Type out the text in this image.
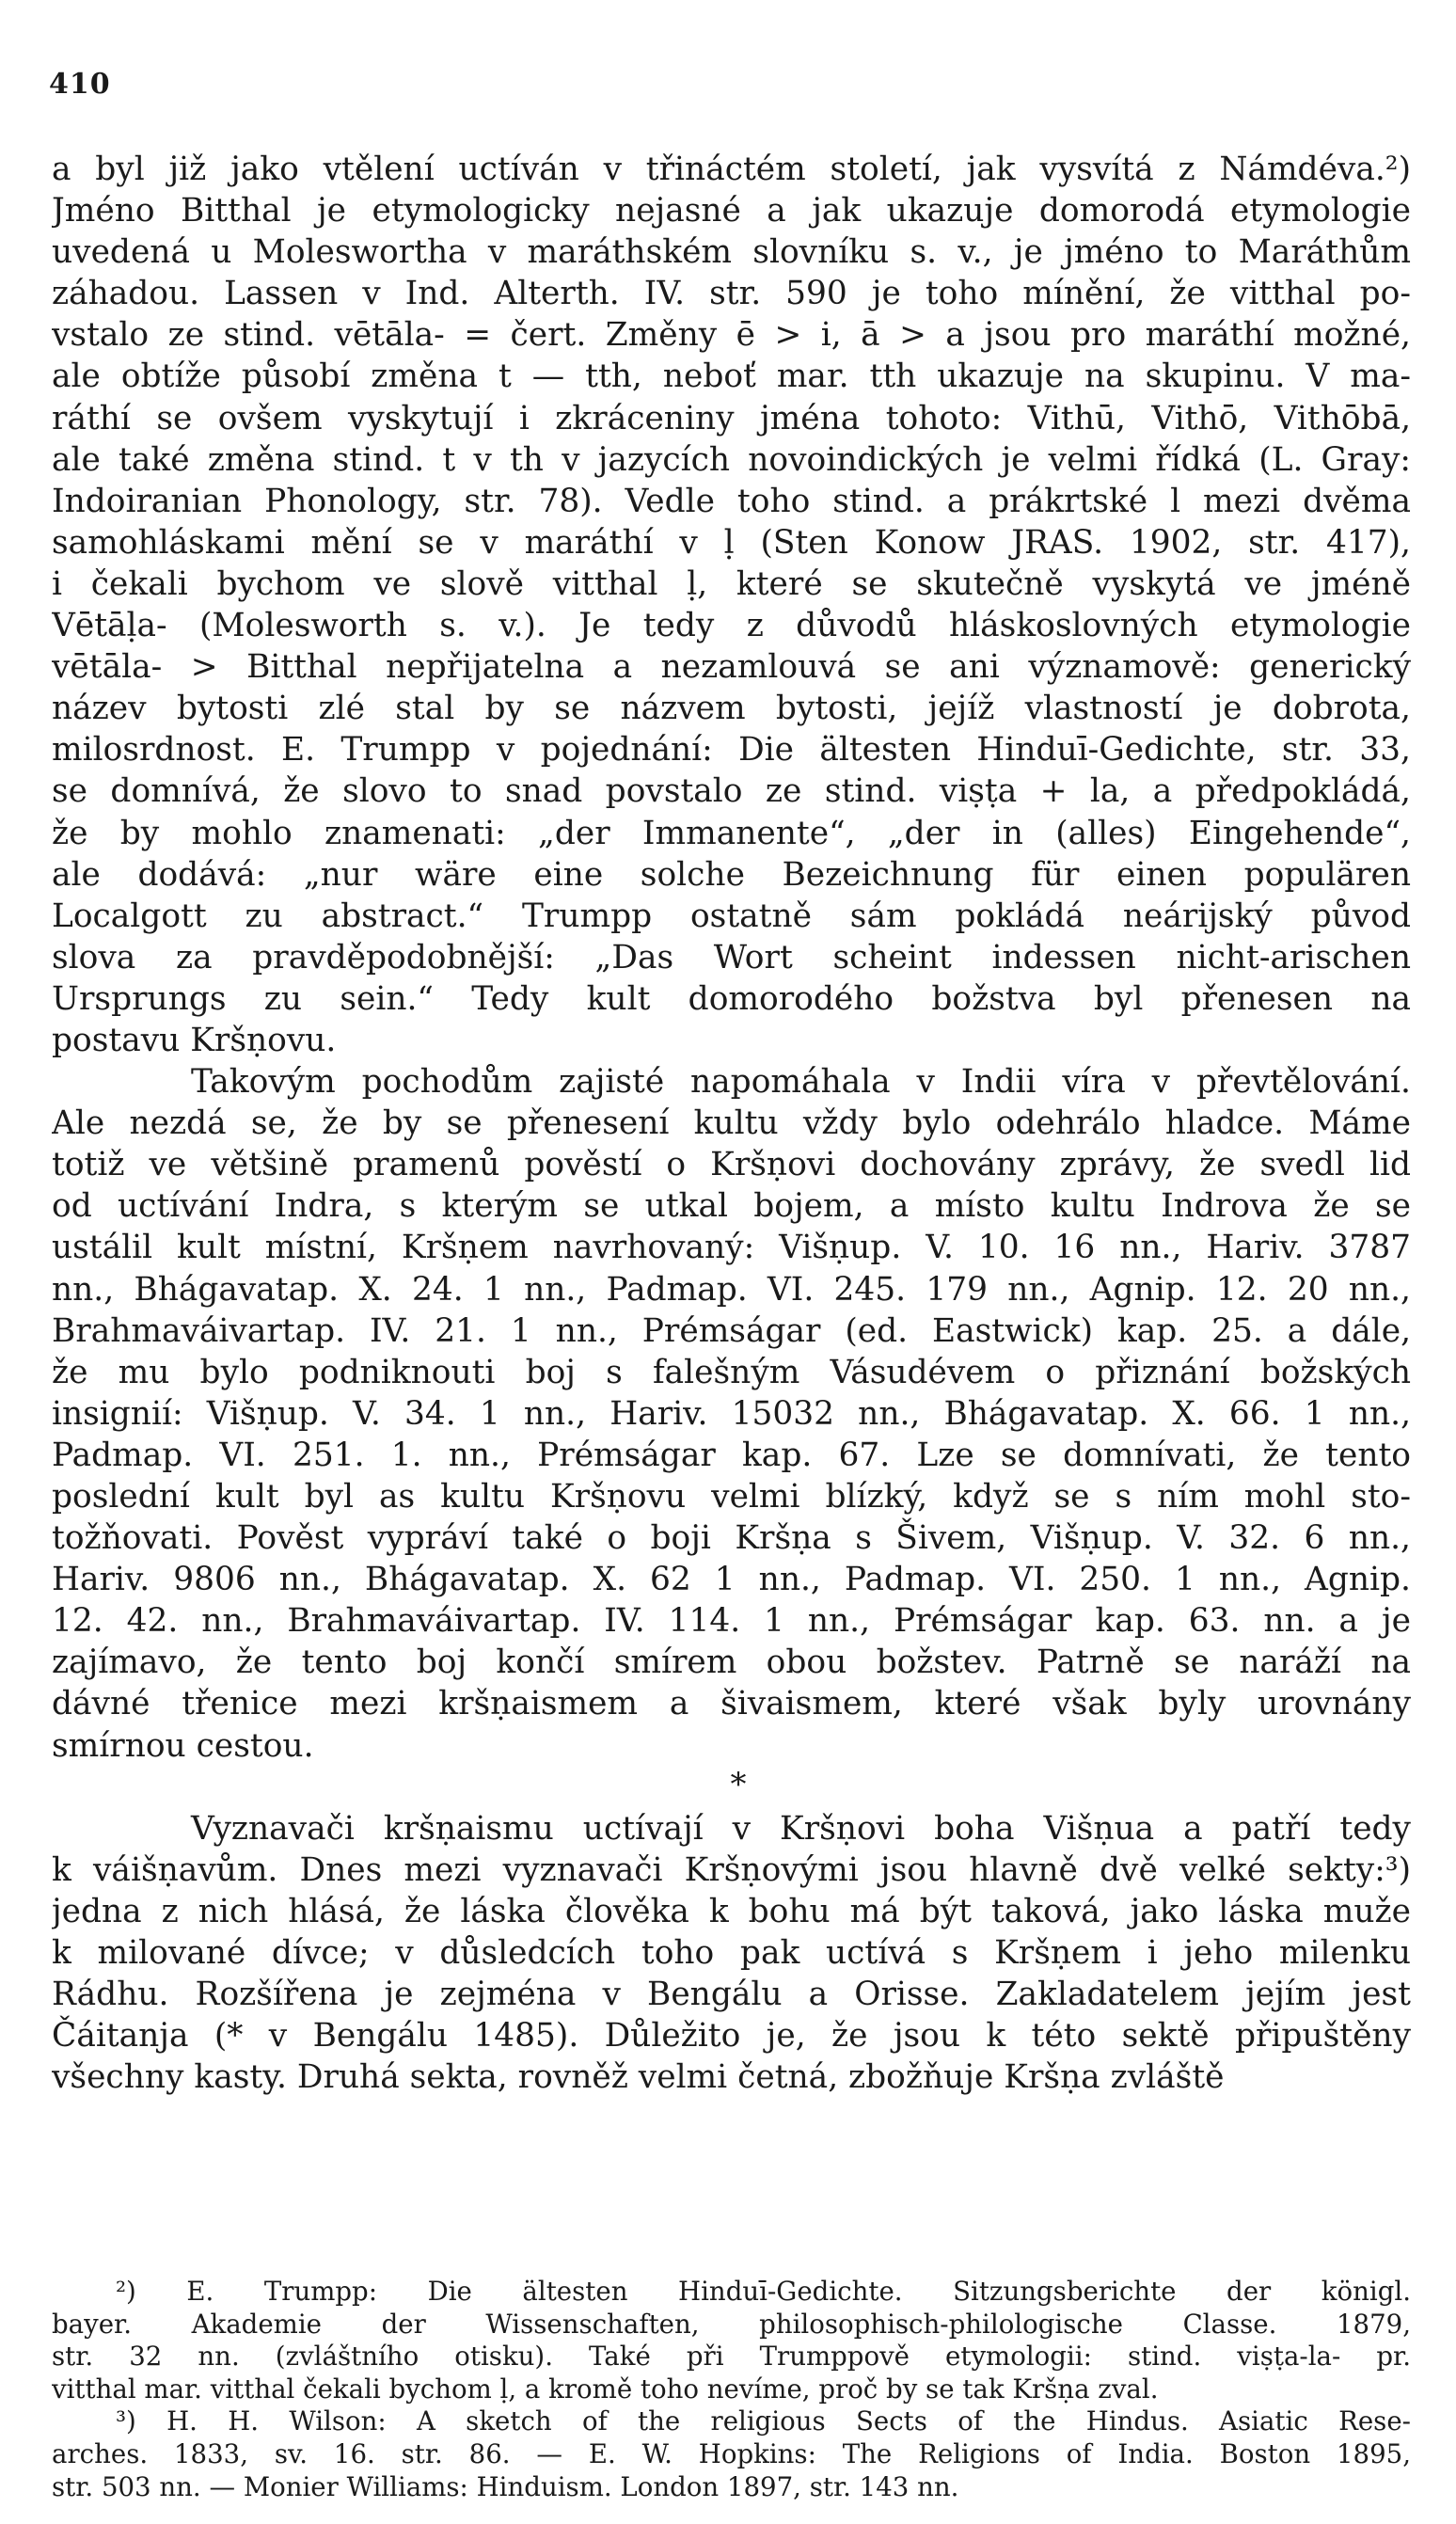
410
a byl již jako vtělení uctíván v třináctém století, jak vysvítá z Námdéva.²)
Jméno Bitthal je etymologicky nejasné a jak ukazuje domorodá etymologie
uvedená u Moleswortha v maráthském slovníku s. v., je jméno to Maráthům
záhadou. Lassen v Ind. Alterth. IV. str. 590 je toho mínění, že vitthal po-
vstalo ze stind. vētāla- = čert. Změny ē > i, ā > a jsou pro maráthí možné,
ale obtíže působí změna t — tth, neboť mar. tth ukazuje na skupinu. V ma-
ráthí se ovšem vyskytují i zkráceniny jména tohoto: Vithū, Vithō, Vithōbā,
ale také změna stind. t v th v jazycích novoindických je velmi řídká (L. Gray:
Indoiranian Phonology, str. 78). Vedle toho stind. a prákrtské l mezi dvěma
samohláskami mění se v maráthí v ḷ (Sten Konow JRAS. 1902, str. 417),
i čekali bychom ve slově vitthal ḷ, které se skutečně vyskytá ve jméně
Vētāḷa- (Molesworth s. v.). Je tedy z důvodů hláskoslovných etymologie
vētāla- > Bitthal nepřijatelna a nezamlouvá se ani významově: generický
název bytosti zlé stal by se názvem bytosti, jejíž vlastností je dobrota,
milosrdnost. E. Trumpp v pojednání: Die ältesten Hinduī-Gedichte, str. 33,
se domnívá, že slovo to snad povstalo ze stind. viṣṭa + la, a předpokládá,
že by mohlo znamenati: „der Immanente“, „der in (alles) Eingehende“,
ale dodává: „nur wäre eine solche Bezeichnung für einen populären
Localgott zu abstract.“ Trumpp ostatně sám pokládá neárijský původ
slova za pravděpodobnější: „Das Wort scheint indessen nicht-arischen
Ursprungs zu sein.“ Tedy kult domorodého božstva byl přenesen na
postavu Kršṇovu.
Takovým pochodům zajisté napomáhala v Indii víra v převtělování.
Ale nezdá se, že by se přenesení kultu vždy bylo odehrálo hladce. Máme
totiž ve většině pramenů pověstí o Kršṇovi dochovány zprávy, že svedl lid
od uctívání Indra, s kterým se utkal bojem, a místo kultu Indrova že se
ustálil kult místní, Kršṇem navrhovaný: Višṇup. V. 10. 16 nn., Hariv. 3787
nn., Bhágavatap. X. 24. 1 nn., Padmap. VI. 245. 179 nn., Agnip. 12. 20 nn.,
Brahmaváivartap. IV. 21. 1 nn., Prémságar (ed. Eastwick) kap. 25. a dále,
že mu bylo podniknouti boj s falešným Vásudévem o přiznání božských
insignií: Višṇup. V. 34. 1 nn., Hariv. 15032 nn., Bhágavatap. X. 66. 1 nn.,
Padmap. VI. 251. 1. nn., Prémságar kap. 67. Lze se domnívati, že tento
poslední kult byl as kultu Kršṇovu velmi blízký, když se s ním mohl sto-
tožňovati. Pověst vypráví také o boji Kršṇa s Šivem, Višṇup. V. 32. 6 nn.,
Hariv. 9806 nn., Bhágavatap. X. 62 1 nn., Padmap. VI. 250. 1 nn., Agnip.
12. 42. nn., Brahmaváivartap. IV. 114. 1 nn., Prémságar kap. 63. nn. a je
zajímavo, že tento boj končí smírem obou božstev. Patrně se naráží na
dávné třenice mezi kršṇaismem a šivaismem, které však byly urovnány
smírnou cestou.
Vyznavači kršṇaismu uctívají v Kršṇovi boha Višṇua a patří tedy
k váišṇavům. Dnes mezi vyznavači Kršṇovými jsou hlavně dvě velké sekty:³)
jedna z nich hlásá, že láska člověka k bohu má být taková, jako láska muže
k milované dívce; v důsledcích toho pak uctívá s Kršṇem i jeho milenku
Rádhu. Rozšířena je zejména v Bengálu a Orisse. Zakladatelem jejím jest
Čáitanja (* v Bengálu 1485). Důležito je, že jsou k této sektě připuštěny
všechny kasty. Druhá sekta, rovněž velmi četná, zbožňuje Kršṇa zvláště
*
²) E. Trumpp: Die ältesten Hinduī-Gedichte. Sitzungsberichte der königl.
bayer. Akademie der Wissenschaften, philosophisch-philologische Classe. 1879,
str. 32 nn. (zvláštního otisku). Také při Trumppově etymologii: stind. viṣṭa-la- pr.
vitthal mar. vitthal čekali bychom ḷ, a kromě toho nevíme, proč by se tak Kršṇa zval.
³) H. H. Wilson: A sketch of the religious Sects of the Hindus. Asiatic Rese-
arches. 1833, sv. 16. str. 86. — E. W. Hopkins: The Religions of India. Boston 1895,
str. 503 nn. — Monier Williams: Hinduism. London 1897, str. 143 nn.
